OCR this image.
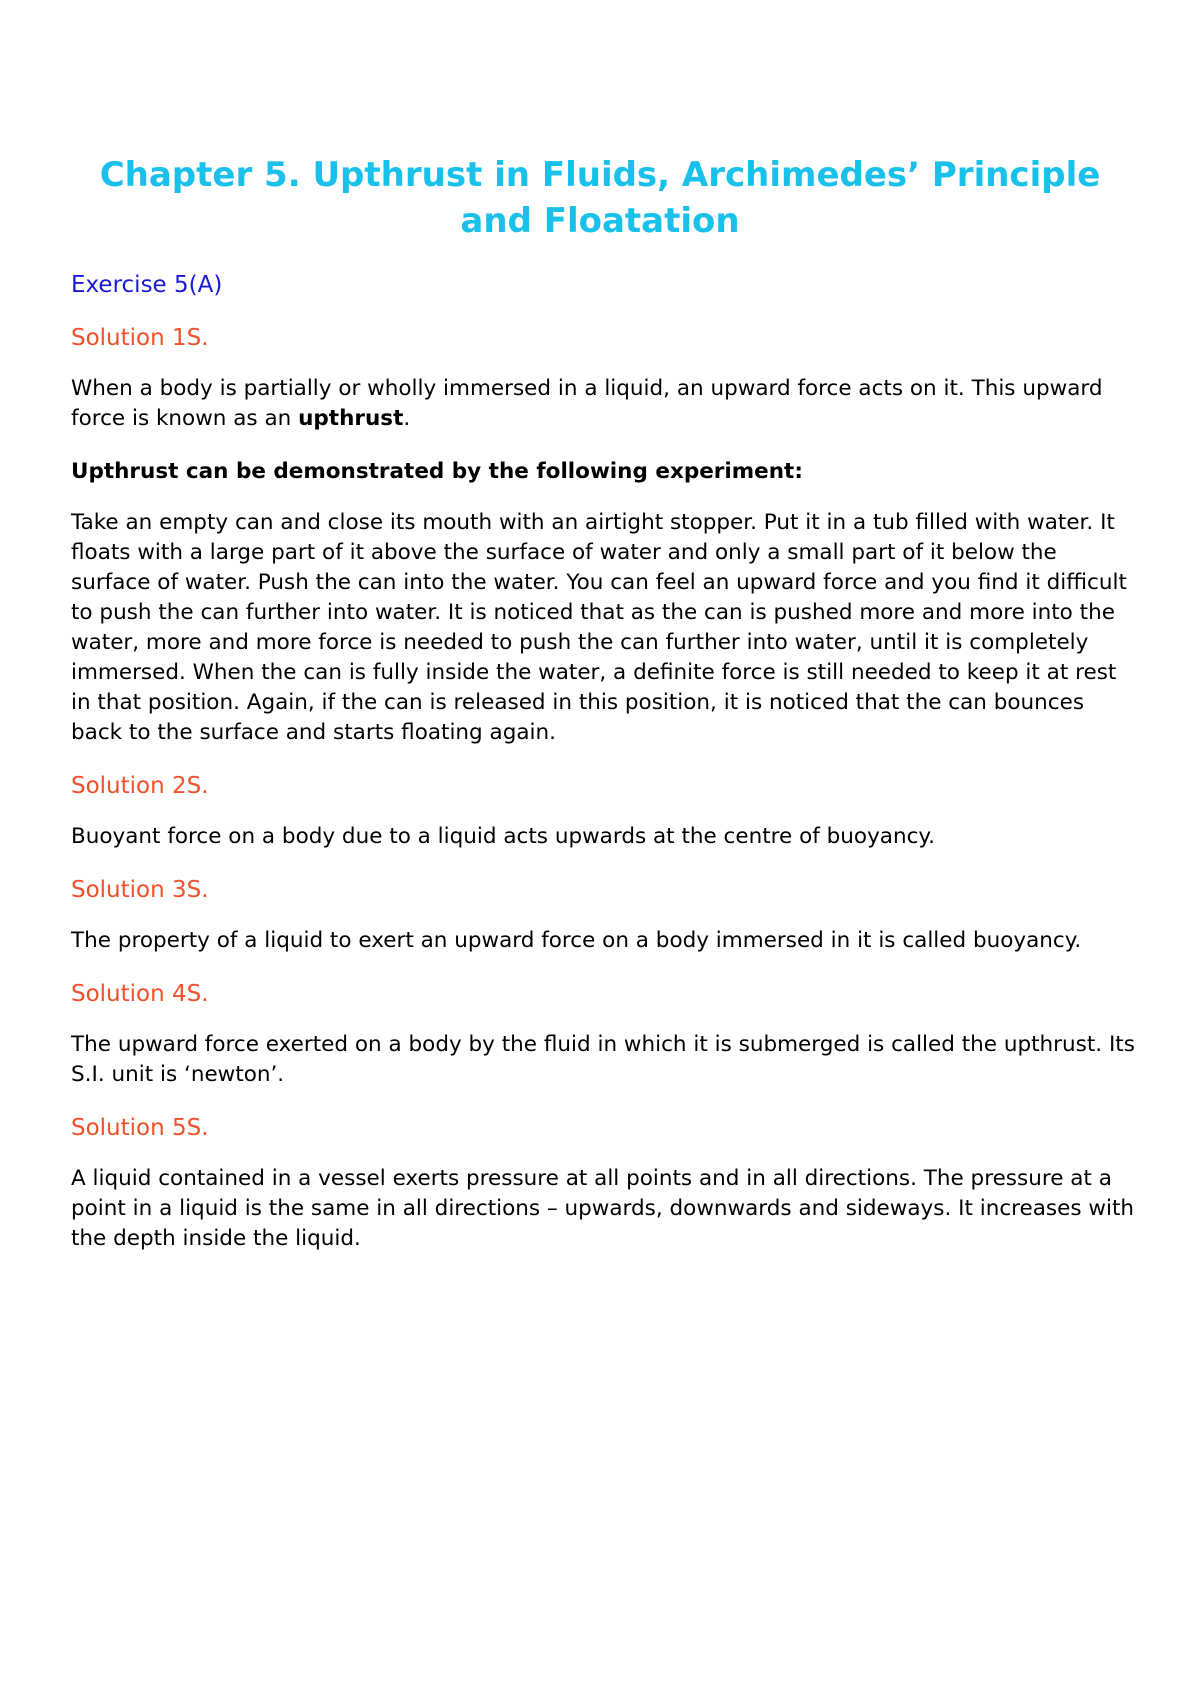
Chapter 5. Upthrust in Fluids, Archimedes’ Principle and Floatation

Exercise 5(A)

Solution 1S.

When a body is partially or wholly immersed in a liquid, an upward force acts on it. This upward force is known as an upthrust.

Upthrust can be demonstrated by the following experiment:

Take an empty can and close its mouth with an airtight stopper. Put it in a tub filled with water. It floats with a large part of it above the surface of water and only a small part of it below the surface of water. Push the can into the water. You can feel an upward force and you find it difficult to push the can further into water. It is noticed that as the can is pushed more and more into the water, more and more force is needed to push the can further into water, until it is completely immersed. When the can is fully inside the water, a definite force is still needed to keep it at rest in that position. Again, if the can is released in this position, it is noticed that the can bounces back to the surface and starts floating again.

Solution 2S.

Buoyant force on a body due to a liquid acts upwards at the centre of buoyancy.

Solution 3S.

The property of a liquid to exert an upward force on a body immersed in it is called buoyancy.

Solution 4S.

The upward force exerted on a body by the fluid in which it is submerged is called the upthrust. Its S.I. unit is ‘newton’.

Solution 5S.

A liquid contained in a vessel exerts pressure at all points and in all directions. The pressure at a point in a liquid is the same in all directions – upwards, downwards and sideways. It increases with the depth inside the liquid.
